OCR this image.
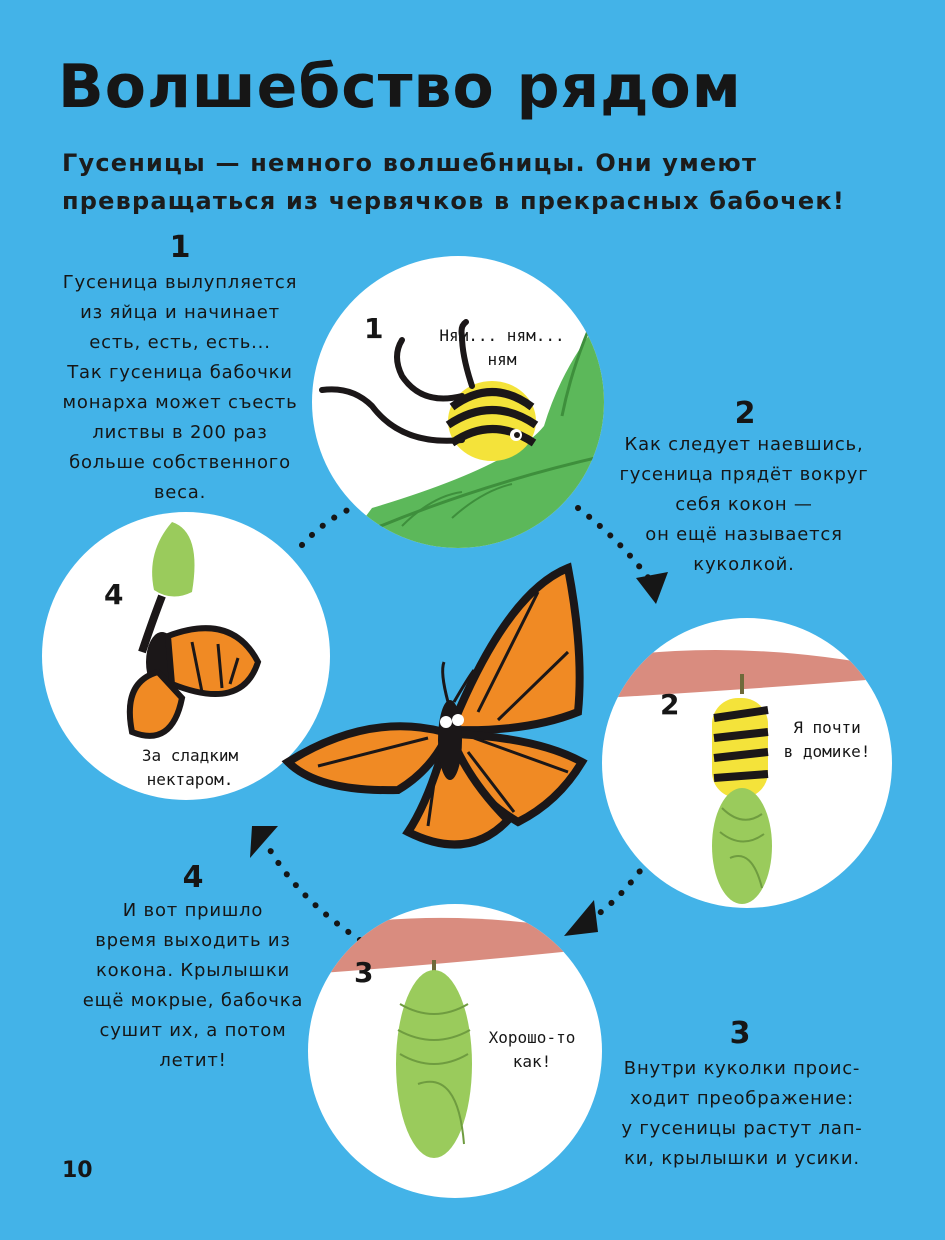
Волшебство рядом
Гусеницы — немного волшебницы. Они умеют
превращаться из червячков в прекрасных бабочек!
1
Гусеница вылупляется
из яйца и начинает
есть, есть, есть...
Так гусеница бабочки
монарха может съесть
листвы в 200 раз
больше собственного
веса.
2
Как следует наевшись,
гусеница прядёт вокруг
себя кокон —
он ещё называется
куколкой.
4
И вот пришло
время выходить из
кокона. Крылышки
ещё мокрые, бабочка
сушит их, а потом
летит!
3
Внутри куколки проис-
ходит преображение:
у гусеницы растут лап-
ки, крылышки и усики.
1	Ням... ням...
ням
2
Я почти
в домике!
3
Хорошо-то
как!
4
За сладким
нектаром.
10
